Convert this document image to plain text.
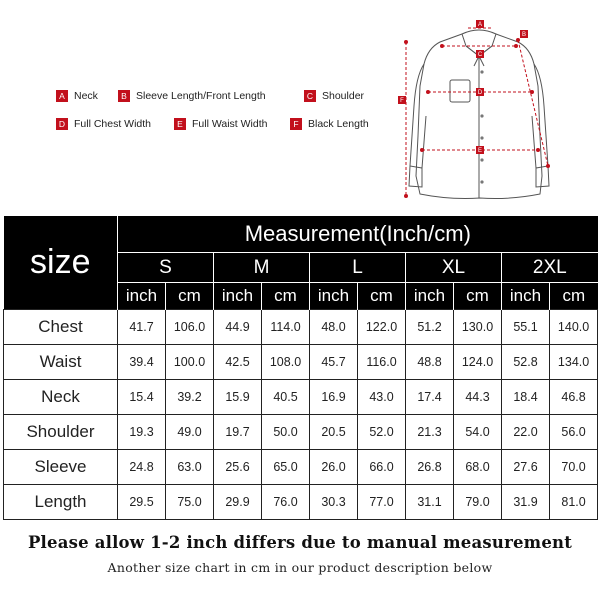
A Neck	B Sleeve Length/Front Length	C Shoulder
D Full Chest Width	E Full Waist Width	F Black Length
A
B
C
D
E
F
size	Measurement(Inch/cm)									
	S		M		L		XL		2XL	
	inch	cm	inch	cm	inch	cm	inch	cm	inch	cm
Chest	41.7	106.0	44.9	114.0	48.0	122.0	51.2	130.0	55.1	140.0
Waist	39.4	100.0	42.5	108.0	45.7	116.0	48.8	124.0	52.8	134.0
Neck	15.4	39.2	15.9	40.5	16.9	43.0	17.4	44.3	18.4	46.8
Shoulder	19.3	49.0	19.7	50.0	20.5	52.0	21.3	54.0	22.0	56.0
Sleeve	24.8	63.0	25.6	65.0	26.0	66.0	26.8	68.0	27.6	70.0
Length	29.5	75.0	29.9	76.0	30.3	77.0	31.1	79.0	31.9	81.0
Please allow 1-2 inch differs due to manual measurement
Another size chart in cm in our product description below
